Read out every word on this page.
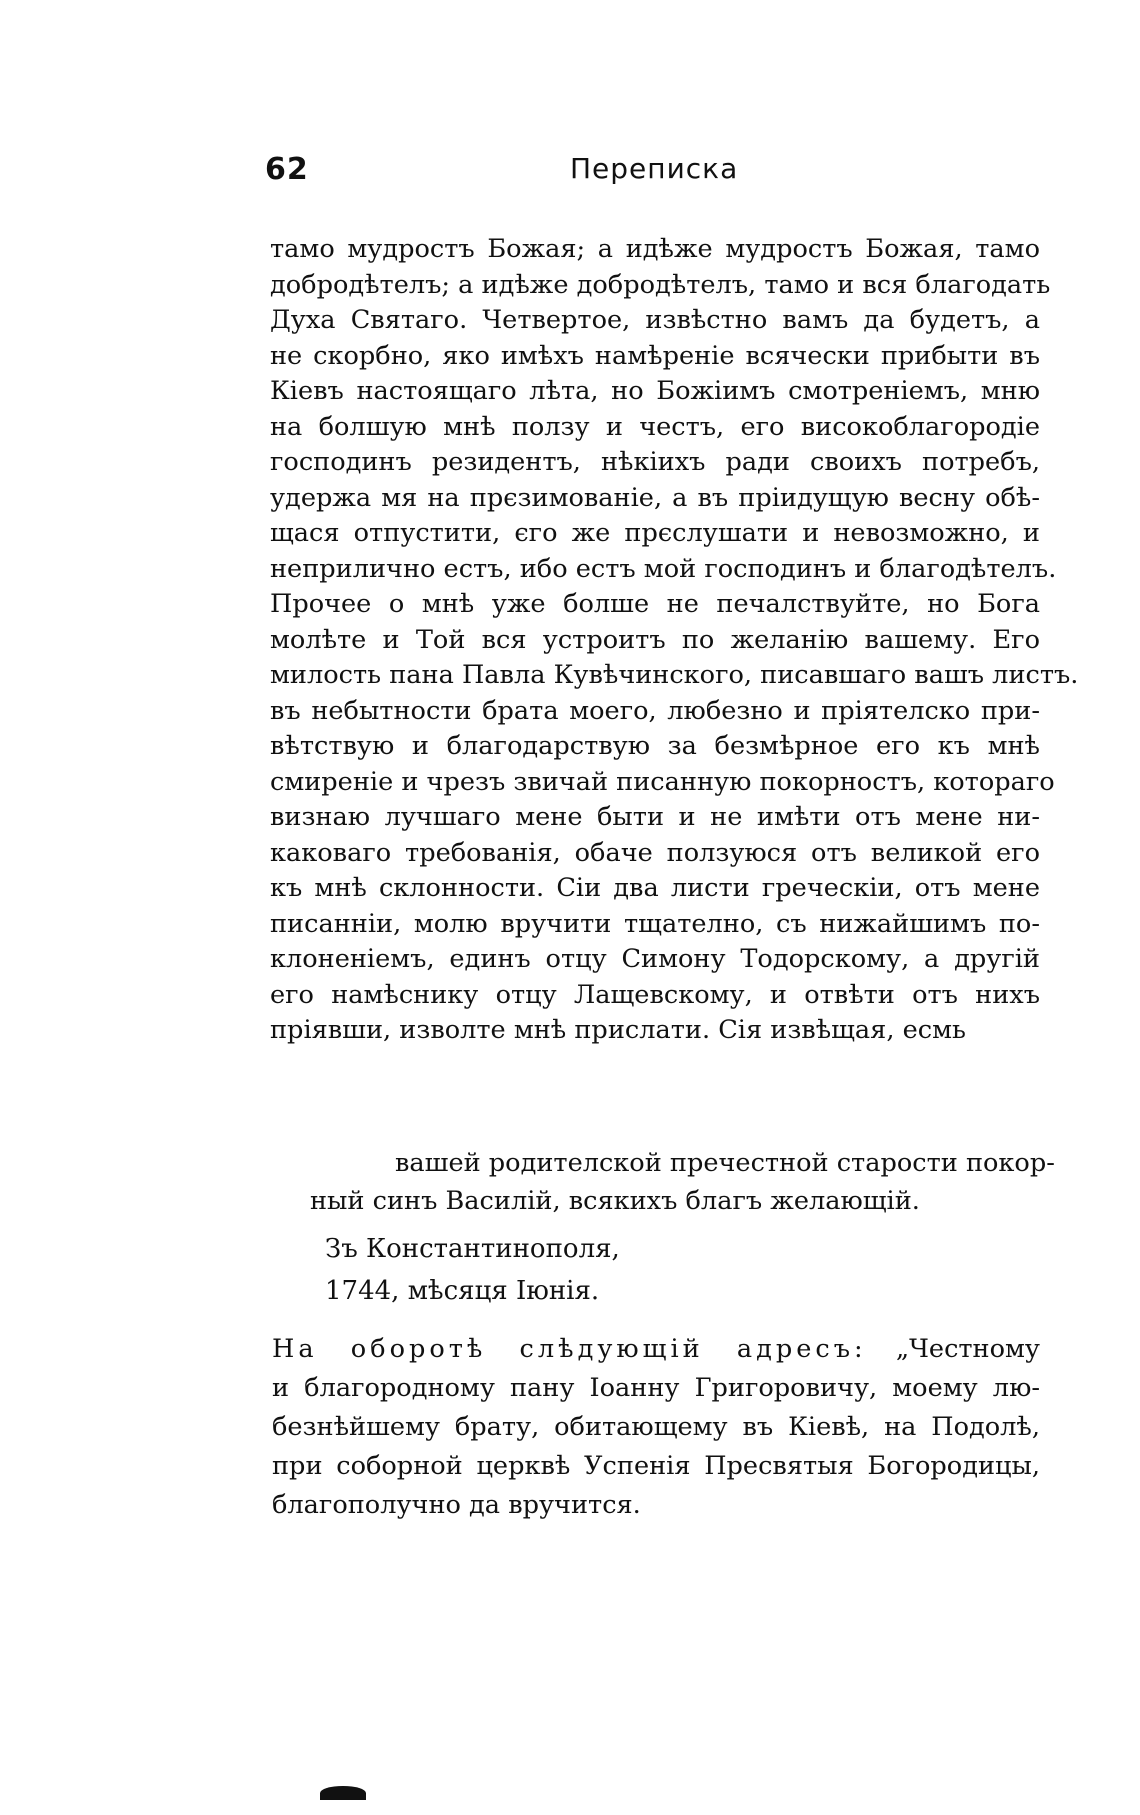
62	Переписка
тамо мудростъ Божая; а идѣже мудростъ Божая, тамо
добродѣтелъ; а идѣже добродѣтелъ, тамо и вся благодать
Духа Святаго. Четвертое, извѣстно вамъ да будетъ, а
не скорбно, яко имѣхъ намѣреніе всячески прибыти въ
Кіевъ настоящаго лѣта, но Божіимъ смотреніемъ, мню
на болшую мнѣ ползу и честъ, его високоблагородіе
господинъ резидентъ, нѣкіихъ ради своихъ потребъ,
удержа мя на прєзимованіе, а въ пріидущую весну обѣ-
щася отпустити, єго же прєслушати и невозможно, и
неприлично естъ, ибо естъ мой господинъ и благодѣтелъ.
Прочее о мнѣ уже болше не печалствуйте, но Бога
молѣте и Той вся устроитъ по желанію вашему. Его
милость пана Павла Кувѣчинского, писавшаго вашъ листъ.
въ небытности брата моего, любезно и пріятелско при-
вѣтствую и благодарствую за безмѣрное его къ мнѣ
смиреніе и чрезъ звичай писанную покорностъ, котораго
визнаю лучшаго мене быти и не имѣти отъ мене ни-
каковаго требованія, обаче ползуюся отъ великой его
къ мнѣ склонности. Сіи два листи греческіи, отъ мене
писанніи, молю вручити тщателно, съ нижайшимъ по-
клоненіемъ, единъ отцу Симону Тодорскому, а другій
его намѣснику отцу Лащевскому, и отвѣти отъ нихъ
пріявши, изволте мнѣ прислати. Сія извѣщая, есмь
вашей родителской пречестной старости покор-
ный синъ Василій, всякихъ благъ желающій.
Зъ Константинополя,
1744, мѣсяця Іюнія.
На оборотѣ слѣдующій адресъ: „Честному
и благородному пану Іоанну Григоровичу, моему лю-
безнѣйшему брату, обитающему въ Кіевѣ, на Подолѣ,
при соборной церквѣ Успенія Пресвятыя Богородицы,
благополучно да вручится.
